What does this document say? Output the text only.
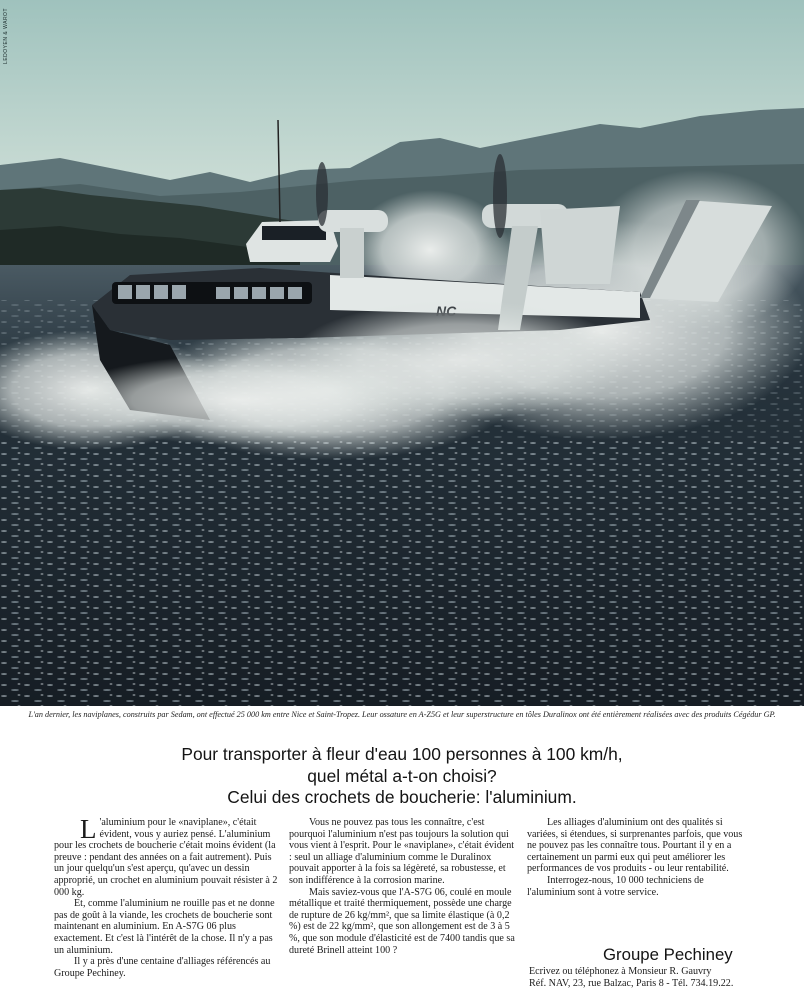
LEDOYEN & WAROT
L'an dernier, les naviplanes, construits par Sedam, ont effectué 25 000 km entre Nice et Saint-Tropez. Leur ossature en A-Z5G et leur superstructure en tôles Duralinox ont été entièrement réalisées avec des produits Cégédur GP.
Pour transporter à fleur d'eau 100 personnes à 100 km/h,
quel métal a-t-on choisi?
Celui des crochets de boucherie: l'aluminium.

L 'aluminium pour le «naviplane», c'était évident, vous y auriez pensé. L'aluminium pour les crochets de boucherie c'était moins évident (la preuve : pendant des années on a fait autrement). Puis un jour quelqu'un s'est aperçu, qu'avec un dessin approprié, un crochet en aluminium pouvait résister à 2 000 kg.

Et, comme l'aluminium ne rouille pas et ne donne pas de goût à la viande, les crochets de boucherie sont maintenant en aluminium. En A-S7G 06 plus exactement. Et c'est là l'intérêt de la chose. Il n'y a pas un aluminium.

Il y a près d'une centaine d'alliages référencés au Groupe Pechiney.

Vous ne pouvez pas tous les connaître, c'est pourquoi l'aluminium n'est pas toujours la solution qui vous vient à l'esprit. Pour le «naviplane», c'était évident : seul un alliage d'aluminium comme le Duralinox pouvait apporter à la fois sa légèreté, sa robustesse, et son indifférence à la corrosion marine.

Mais saviez-vous que l'A-S7G 06, coulé en moule métallique et traité thermiquement, possède une charge de rupture de 26 kg/mm², que sa limite élastique (à 0,2 %) est de 22 kg/mm², que son allongement est de 3 à 5 %, que son module d'élasticité est de 7400 tandis que sa dureté Brinell atteint 100 ?

Les alliages d'aluminium ont des qualités si variées, si étendues, si surprenantes parfois, que vous ne pouvez pas les connaître tous. Pourtant il y en a certainement un parmi eux qui peut améliorer les performances de vos produits - ou leur rentabilité.

Interrogez-nous, 10 000 techniciens de l'aluminium sont à votre service.

Groupe Pechiney
Ecrivez ou téléphonez à Monsieur R. Gauvry
Réf. NAV, 23, rue Balzac, Paris 8 - Tél. 734.19.22.
